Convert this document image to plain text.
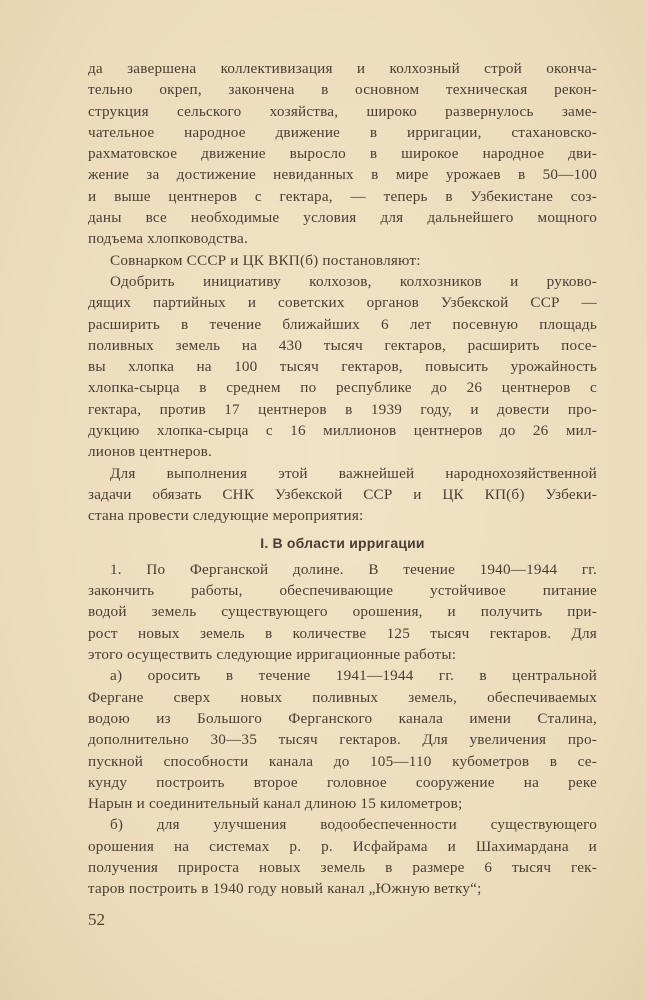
да завершена коллективизация и колхозный строй оконча-
тельно окреп, закончена в основном техническая рекон-
струкция сельского хозяйства, широко развернулось заме-
чательное народное движение в ирригации, стахановско-
рахматовское движение выросло в широкое народное дви-
жение за достижение невиданных в мире урожаев в 50—100
и выше центнеров с гектара, — теперь в Узбекистане соз-
даны все необходимые условия для дальнейшего мощного
подъема хлопководства.
Совнарком СССР и ЦК ВКП(б) постановляют:
Одобрить инициативу колхозов, колхозников и руково-
дящих партийных и советских органов Узбекской ССР —
расширить в течение ближайших 6 лет посевную площадь
поливных земель на 430 тысяч гектаров, расширить посе-
вы хлопка на 100 тысяч гектаров, повысить урожайность
хлопка-сырца в среднем по республике до 26 центнеров с
гектара, против 17 центнеров в 1939 году, и довести про-
дукцию хлопка-сырца с 16 миллионов центнеров до 26 мил-
лионов центнеров.
Для выполнения этой важнейшей народнохозяйственной
задачи обязать СНК Узбекской ССР и ЦК КП(б) Узбеки-
стана провести следующие мероприятия:
I. В области ирригации
1. По Ферганской долине. В течение 1940—1944 гг.
закончить работы, обеспечивающие устойчивое питание
водой земель существующего орошения, и получить при-
рост новых земель в количестве 125 тысяч гектаров. Для
этого осуществить следующие ирригационные работы:
а) оросить в течение 1941—1944 гг. в центральной
Фергане сверх новых поливных земель, обеспечиваемых
водою из Большого Ферганского канала имени Сталина,
дополнительно 30—35 тысяч гектаров. Для увеличения про-
пускной способности канала до 105—110 кубометров в се-
кунду построить второе головное сооружение на реке
Нарын и соединительный канал длиною 15 километров;
б) для улучшения водообеспеченности существующего
орошения на системах р. р. Исфайрама и Шахимардана и
получения прироста новых земель в размере 6 тысяч гек-
таров построить в 1940 году новый канал „Южную ветку“;
52
